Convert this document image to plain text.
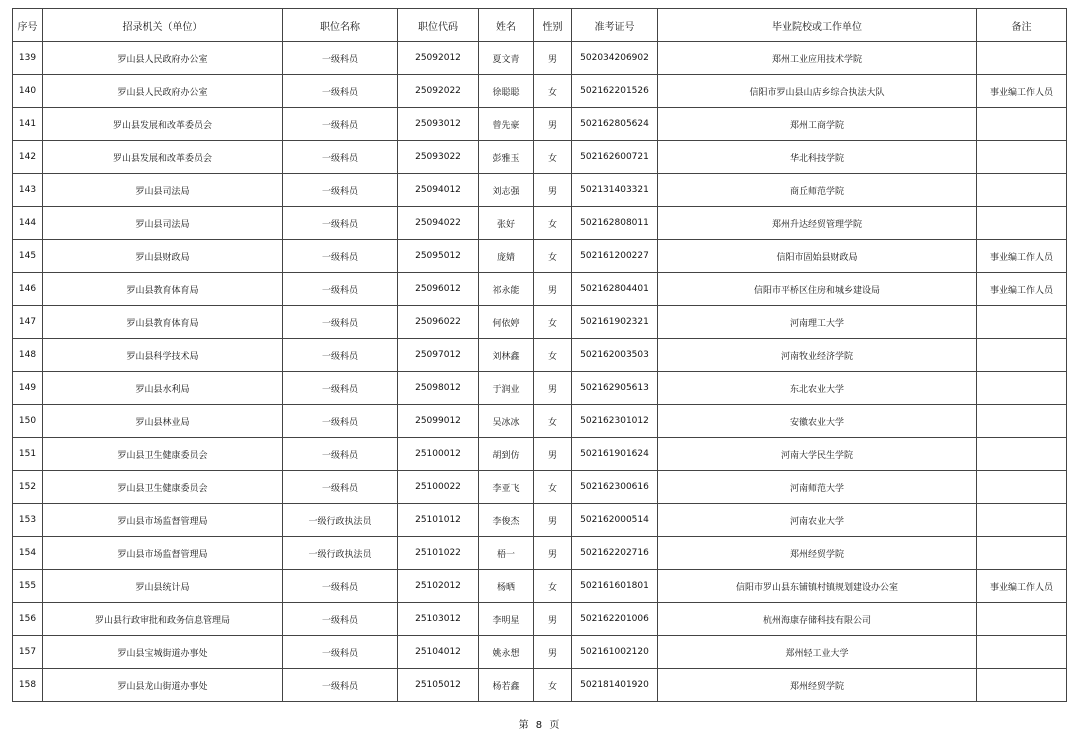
序号	招录机关（单位）	职位名称	职位代码	姓名	性别	准考证号	毕业院校或工作单位	备注
139	罗山县人民政府办公室	一级科员	25092012	夏文青	男	502034206902	郑州工业应用技术学院	
140	罗山县人民政府办公室	一级科员	25092022	徐聪聪	女	502162201526	信阳市罗山县山店乡综合执法大队	事业编工作人员
141	罗山县发展和改革委员会	一级科员	25093012	曾先豪	男	502162805624	郑州工商学院	
142	罗山县发展和改革委员会	一级科员	25093022	彭雅玉	女	502162600721	华北科技学院	
143	罗山县司法局	一级科员	25094012	刘志强	男	502131403321	商丘师范学院	
144	罗山县司法局	一级科员	25094022	张好	女	502162808011	郑州升达经贸管理学院	
145	罗山县财政局	一级科员	25095012	庞婧	女	502161200227	信阳市固始县财政局	事业编工作人员
146	罗山县教育体育局	一级科员	25096012	祁永能	男	502162804401	信阳市平桥区住房和城乡建设局	事业编工作人员
147	罗山县教育体育局	一级科员	25096022	何依婷	女	502161902321	河南理工大学	
148	罗山县科学技术局	一级科员	25097012	刘林鑫	女	502162003503	河南牧业经济学院	
149	罗山县水利局	一级科员	25098012	于润业	男	502162905613	东北农业大学	
150	罗山县林业局	一级科员	25099012	吴冰冰	女	502162301012	安徽农业大学	
151	罗山县卫生健康委员会	一级科员	25100012	胡到仿	男	502161901624	河南大学民生学院	
152	罗山县卫生健康委员会	一级科员	25100022	李亚飞	女	502162300616	河南师范大学	
153	罗山县市场监督管理局	一级行政执法员	25101012	李俊杰	男	502162000514	河南农业大学	
154	罗山县市场监督管理局	一级行政执法员	25101022	梧一	男	502162202716	郑州经贸学院	
155	罗山县统计局	一级科员	25102012	杨晒	女	502161601801	信阳市罗山县东铺镇村镇规划建设办公室	事业编工作人员
156	罗山县行政审批和政务信息管理局	一级科员	25103012	李明星	男	502162201006	杭州海康存储科技有限公司	
157	罗山县宝城街道办事处	一级科员	25104012	姚永想	男	502161002120	郑州轻工业大学	
158	罗山县龙山街道办事处	一级科员	25105012	杨若鑫	女	502181401920	郑州经贸学院	
第 8 页
